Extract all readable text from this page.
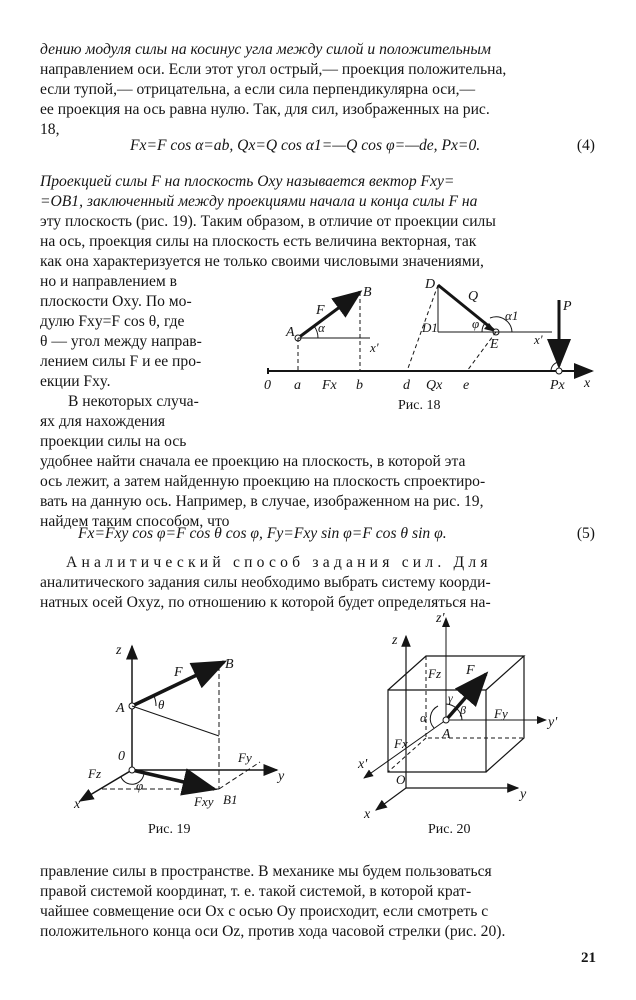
дению модуля силы на косинус угла между силой и положительным
направлением оси. Если этот угол острый,— проекция положительна,
если тупой,— отрицательна, а если сила перпендикулярна оси,—
ее проекция на ось равна нулю. Так, для сил, изображенных на рис.
18,
Fx=F cos α=ab, Qx=Q cos α1=—Q cos φ=—de, Px=0.	(4)
Проекцией силы F на плоскость Oxy называется вектор Fxy=
=OB1, заключенный между проекциями начала и конца силы F на
эту плоскость (рис. 19). Таким образом, в отличие от проекции силы
на ось, проекция силы на плоскость есть величина векторная, так
как она характеризуется не только своими числовыми значениями,
но и направлением в
плоскости Oxy. По мо-
дулю Fxy=F cos θ, где
θ — угол между направ-
лением силы F и ее про-
екции Fxy.
В некоторых случа-
ях для нахождения
проекции силы на ось
0 a Fx b	d Qx e	Px x
A
B
F
α
x'
D
Q
D1	φ
E
α1
x'
P
Рис. 18
удобнее найти сначала ее проекцию на плоскость, в которой эта
ось лежит, а затем найденную проекцию на плоскость спроектиро-
вать на данную ось. Например, в случае, изображенном на рис. 19,
найдем таким способом, что
Fx=Fxy cos φ=F cos θ cos φ, Fy=Fxy sin φ=F cos θ sin φ.	(5)
Аналитический способ задания сил. Для
аналитического задания силы необходимо выбрать систему коорди-
натных осей Oxyz, по отношению к которой будет определяться на-
z
A
B
F
θ
0
Fz
φ
Fxy B1
Fy
x
y
Рис. 19
z'
z
Fz F
γ
β
α
A
Fy
Fx
y'
x'
O
y
x
Рис. 20
правление силы в пространстве. В механике мы будем пользоваться
правой системой координат, т. е. такой системой, в которой крат-
чайшее совмещение оси Ox с осью Oy происходит, если смотреть с
положительного конца оси Oz, против хода часовой стрелки (рис. 20).
21
